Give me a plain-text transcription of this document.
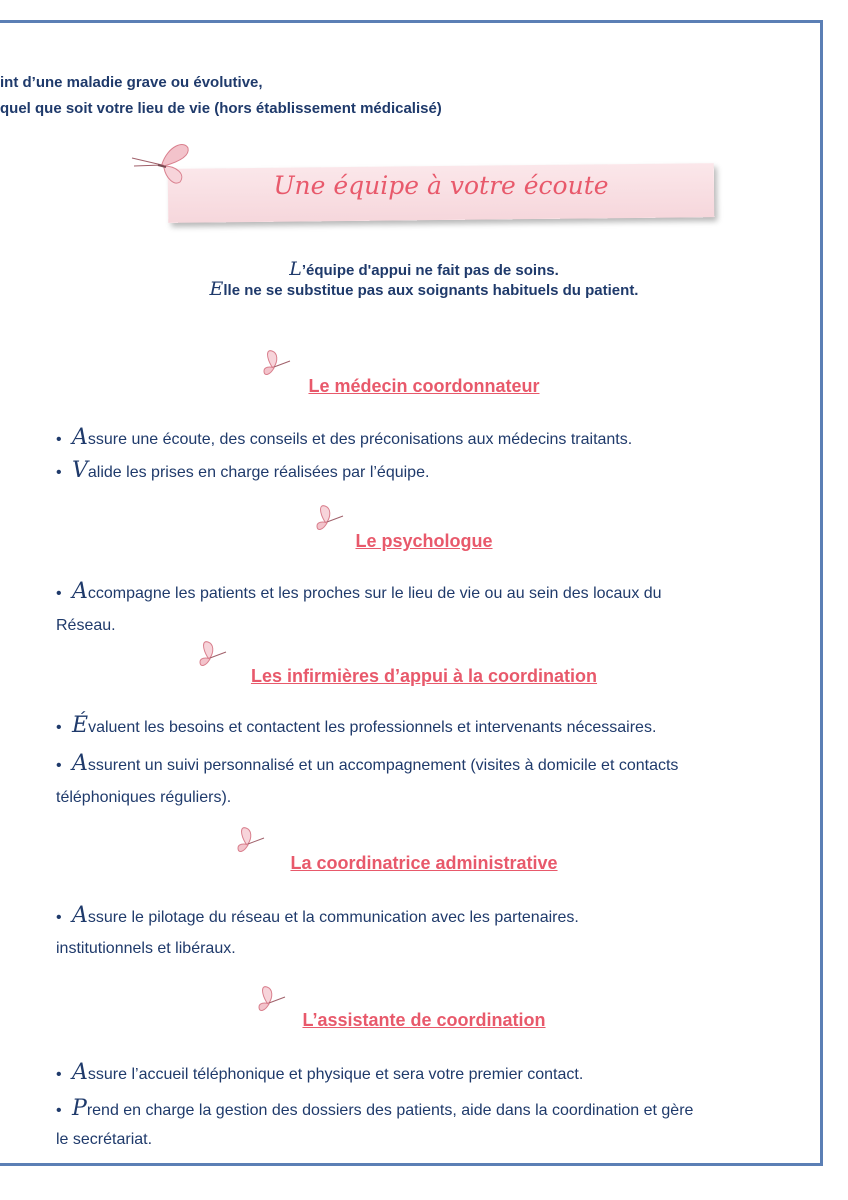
int d’une maladie grave ou évolutive,
quel que soit votre lieu de vie (hors établissement médicalisé)
Une équipe à votre écoute
L’équipe d'appui ne fait pas de soins.
Elle ne se substitue pas aux soignants habituels du patient.
Le médecin coordonnateur
• Assure une écoute, des conseils et des préconisations aux médecins traitants.
• Valide les prises en charge réalisées par l’équipe.
Le psychologue
• Accompagne les patients et les proches sur le lieu de vie ou au sein des locaux du
Réseau.
Les infirmières d’appui à la coordination
• Évaluent les besoins et contactent les professionnels et intervenants nécessaires.
• Assurent un suivi personnalisé et un accompagnement (visites à domicile et contacts
téléphoniques réguliers).
La coordinatrice administrative
• Assure le pilotage du réseau et la communication avec les partenaires.
institutionnels et libéraux.
L’assistante de coordination
• Assure l’accueil téléphonique et physique et sera votre premier contact.
• Prend en charge la gestion des dossiers des patients, aide dans la coordination et gère
le secrétariat.
